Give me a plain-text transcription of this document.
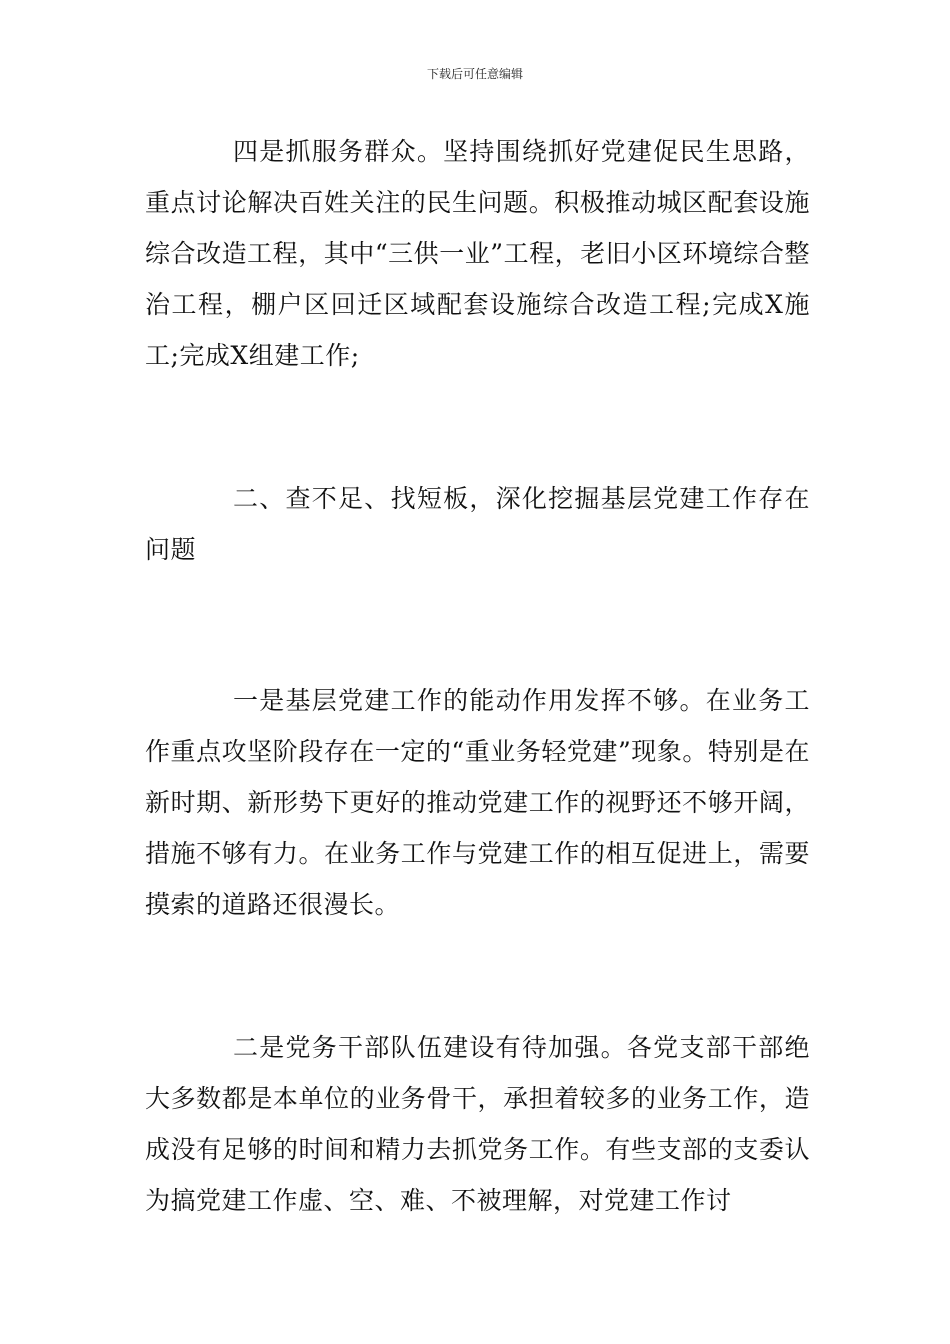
下载后可任意编辑

四是抓服务群众。坚持围绕抓好党建促民生思路，重点讨论解决百姓关注的民生问题。积极推动城区配套设施综合改造工程，其中“三供一业”工程，老旧小区环境综合整治工程，棚户区回迁区域配套设施综合改造工程;完成X施工;完成X组建工作;

二、查不足、找短板，深化挖掘基层党建工作存在问题

一是基层党建工作的能动作用发挥不够。在业务工作重点攻坚阶段存在一定的“重业务轻党建”现象。特别是在新时期、新形势下更好的推动党建工作的视野还不够开阔，措施不够有力。在业务工作与党建工作的相互促进上，需要摸索的道路还很漫长。

二是党务干部队伍建设有待加强。各党支部干部绝大多数都是本单位的业务骨干，承担着较多的业务工作，造成没有足够的时间和精力去抓党务工作。有些支部的支委认为搞党建工作虚、空、难、不被理解，对党建工作讨
